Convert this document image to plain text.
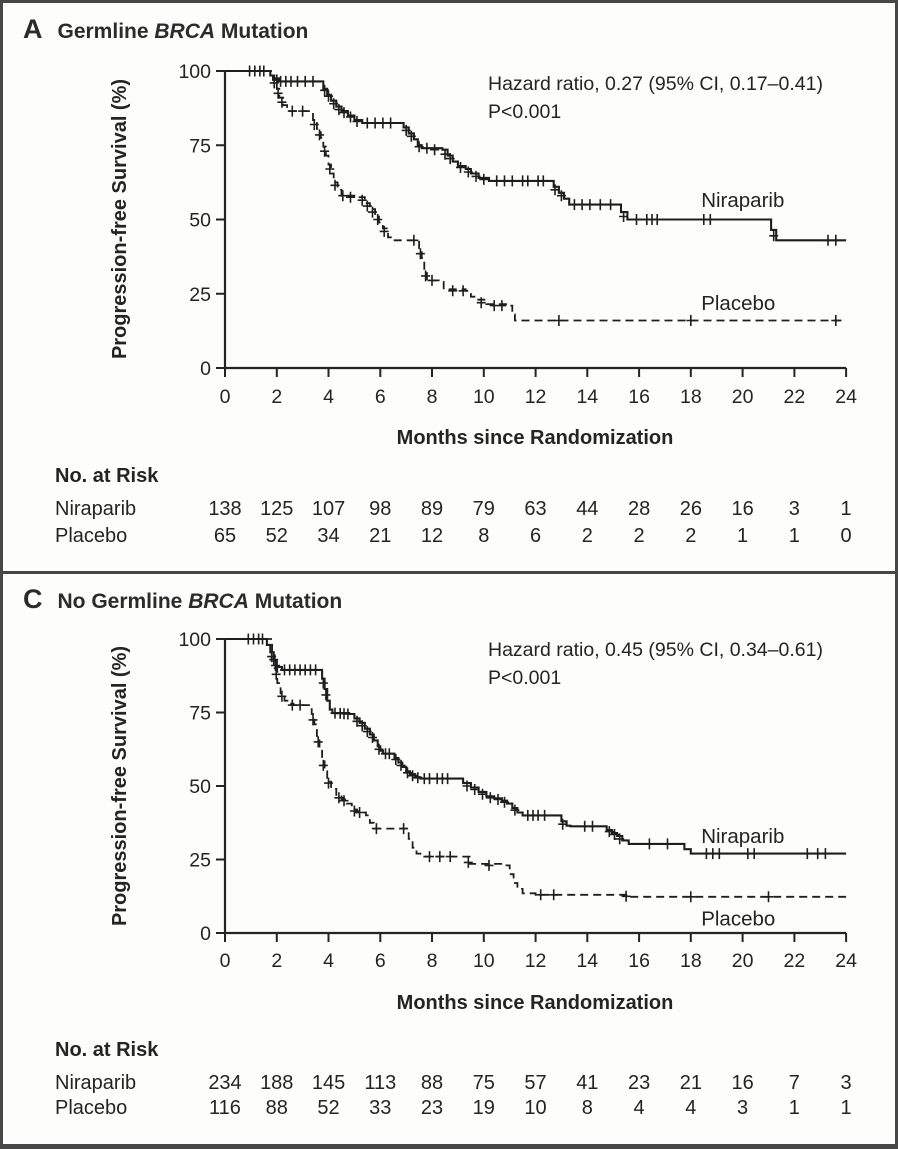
A Germline BRCA Mutation
C No Germline BRCA Mutation
0
25
50
75
100
0 2 4 6 8 10 12 14 16 18 20 22 24
Progression-free Survival (%)
Months since Randomization
Hazard ratio, 0.27 (95% CI, 0.17–0.41)
P<0.001
Niraparib
Placebo
No. at Risk
Niraparib	138 125 107 98 89 79 63 44 28 26 16 3 1
Placebo	65 52 34 21 12 8 6 2 2 2 1 1 0
0
25
50
75
100
0 2 4 6 8 10 12 14 16 18 20 22 24
Progression-free Survival (%)
Months since Randomization
Hazard ratio, 0.45 (95% CI, 0.34–0.61)
P<0.001
Niraparib
Placebo
No. at Risk
Niraparib	234 188 145 113 88 75 57 41 23 21 16 7 3
Placebo	116 88 52 33 23 19 10 8 4 4 3 1 1
